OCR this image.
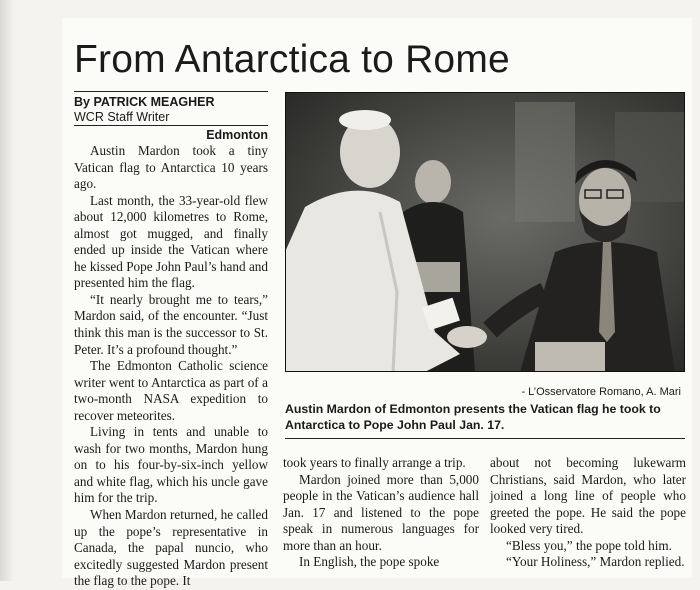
From Antarctica to Rome
By PATRICK MEAGHER
WCR Staff Writer
Edmonton

Austin Mardon took a tiny Vatican flag to Antarctica 10 years ago.

Last month, the 33-year-old flew about 12,000 kilometres to Rome, almost got mugged, and finally ended up inside the Vatican where he kissed Pope John Paul’s hand and presented him the flag.

“It nearly brought me to tears,” Mardon said, of the encounter. “Just think this man is the successor to St. Peter. It’s a profound thought.”

The Edmonton Catholic science writer went to Antarctica as part of a two-month NASA expedition to recover meteorites.

Living in tents and unable to wash for two months, Mardon hung on to his four-by-six-inch yellow and white flag, which his uncle gave him for the trip.

When Mardon returned, he called up the pope’s representative in Canada, the papal nuncio, who excitedly suggested Mardon present the flag to the pope. It

- L’Osservatore Romano, A. Mari
Austin Mardon of Edmonton presents the Vatican flag he took to Antarctica to Pope John Paul Jan. 17.

took years to finally arrange a trip.

Mardon joined more than 5,000 people in the Vatican’s audience hall Jan. 17 and listened to the pope speak in numerous languages for more than an hour.

In English, the pope spoke

about not becoming lukewarm Christians, said Mardon, who later joined a long line of people who greeted the pope. He said the pope looked very tired.

“Bless you,” the pope told him.

“Your Holiness,” Mardon replied.
